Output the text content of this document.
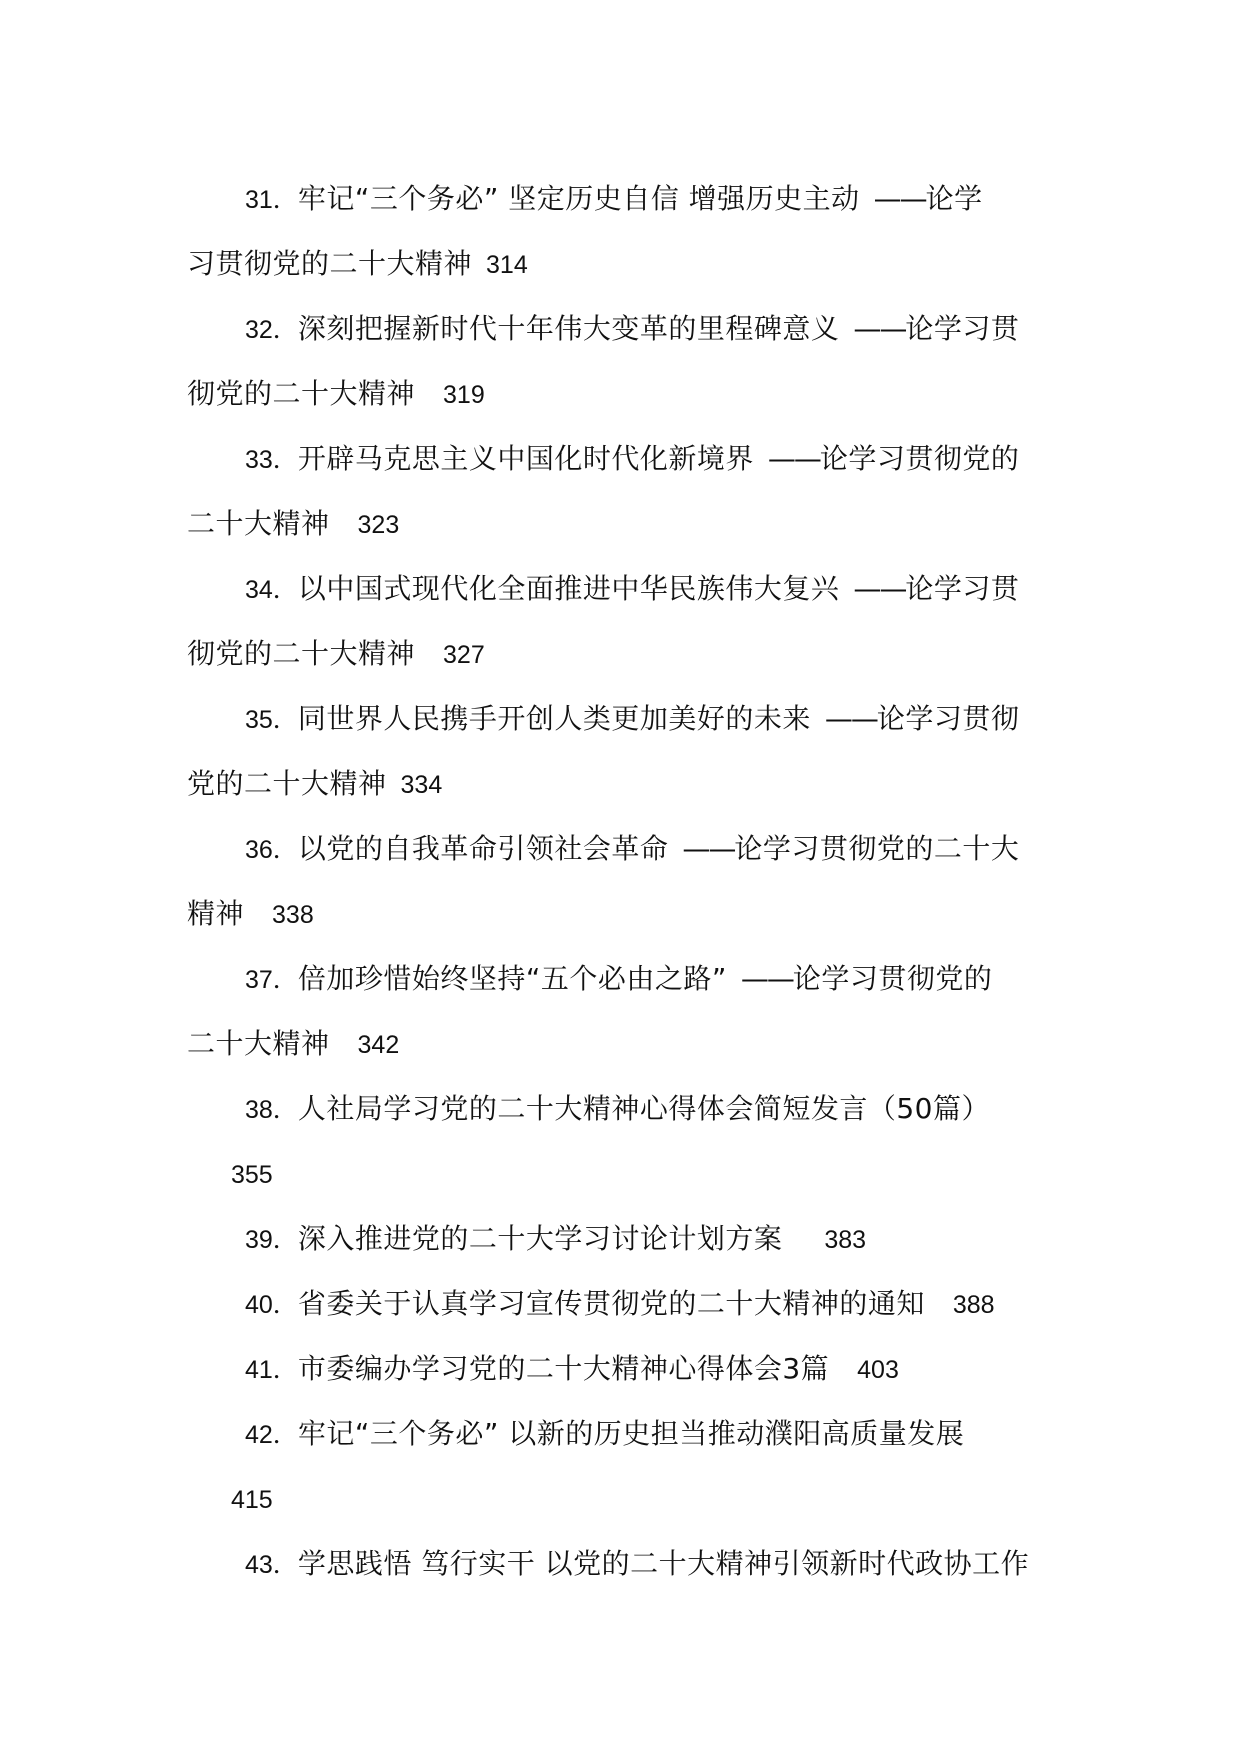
31．牢记“三个务必” 坚定历史自信 增强历史主动 ——论学
习贯彻党的二十大精神 314
32．深刻把握新时代十年伟大变革的里程碑意义 ——论学习贯
彻党的二十大精神 319
33．开辟马克思主义中国化时代化新境界 ——论学习贯彻党的
二十大精神 323
34．以中国式现代化全面推进中华民族伟大复兴 ——论学习贯
彻党的二十大精神 327
35．同世界人民携手开创人类更加美好的未来 ——论学习贯彻
党的二十大精神 334
36．以党的自我革命引领社会革命 ——论学习贯彻党的二十大
精神 338
37．倍加珍惜始终坚持“五个必由之路” ——论学习贯彻党的
二十大精神 342
38．人社局学习党的二十大精神心得体会简短发言（50篇）
355
39．深入推进党的二十大学习讨论计划方案 383
40．省委关于认真学习宣传贯彻党的二十大精神的通知 388
41．市委编办学习党的二十大精神心得体会3篇 403
42．牢记“三个务必” 以新的历史担当推动濮阳高质量发展
415
43．学思践悟 笃行实干 以党的二十大精神引领新时代政协工作
